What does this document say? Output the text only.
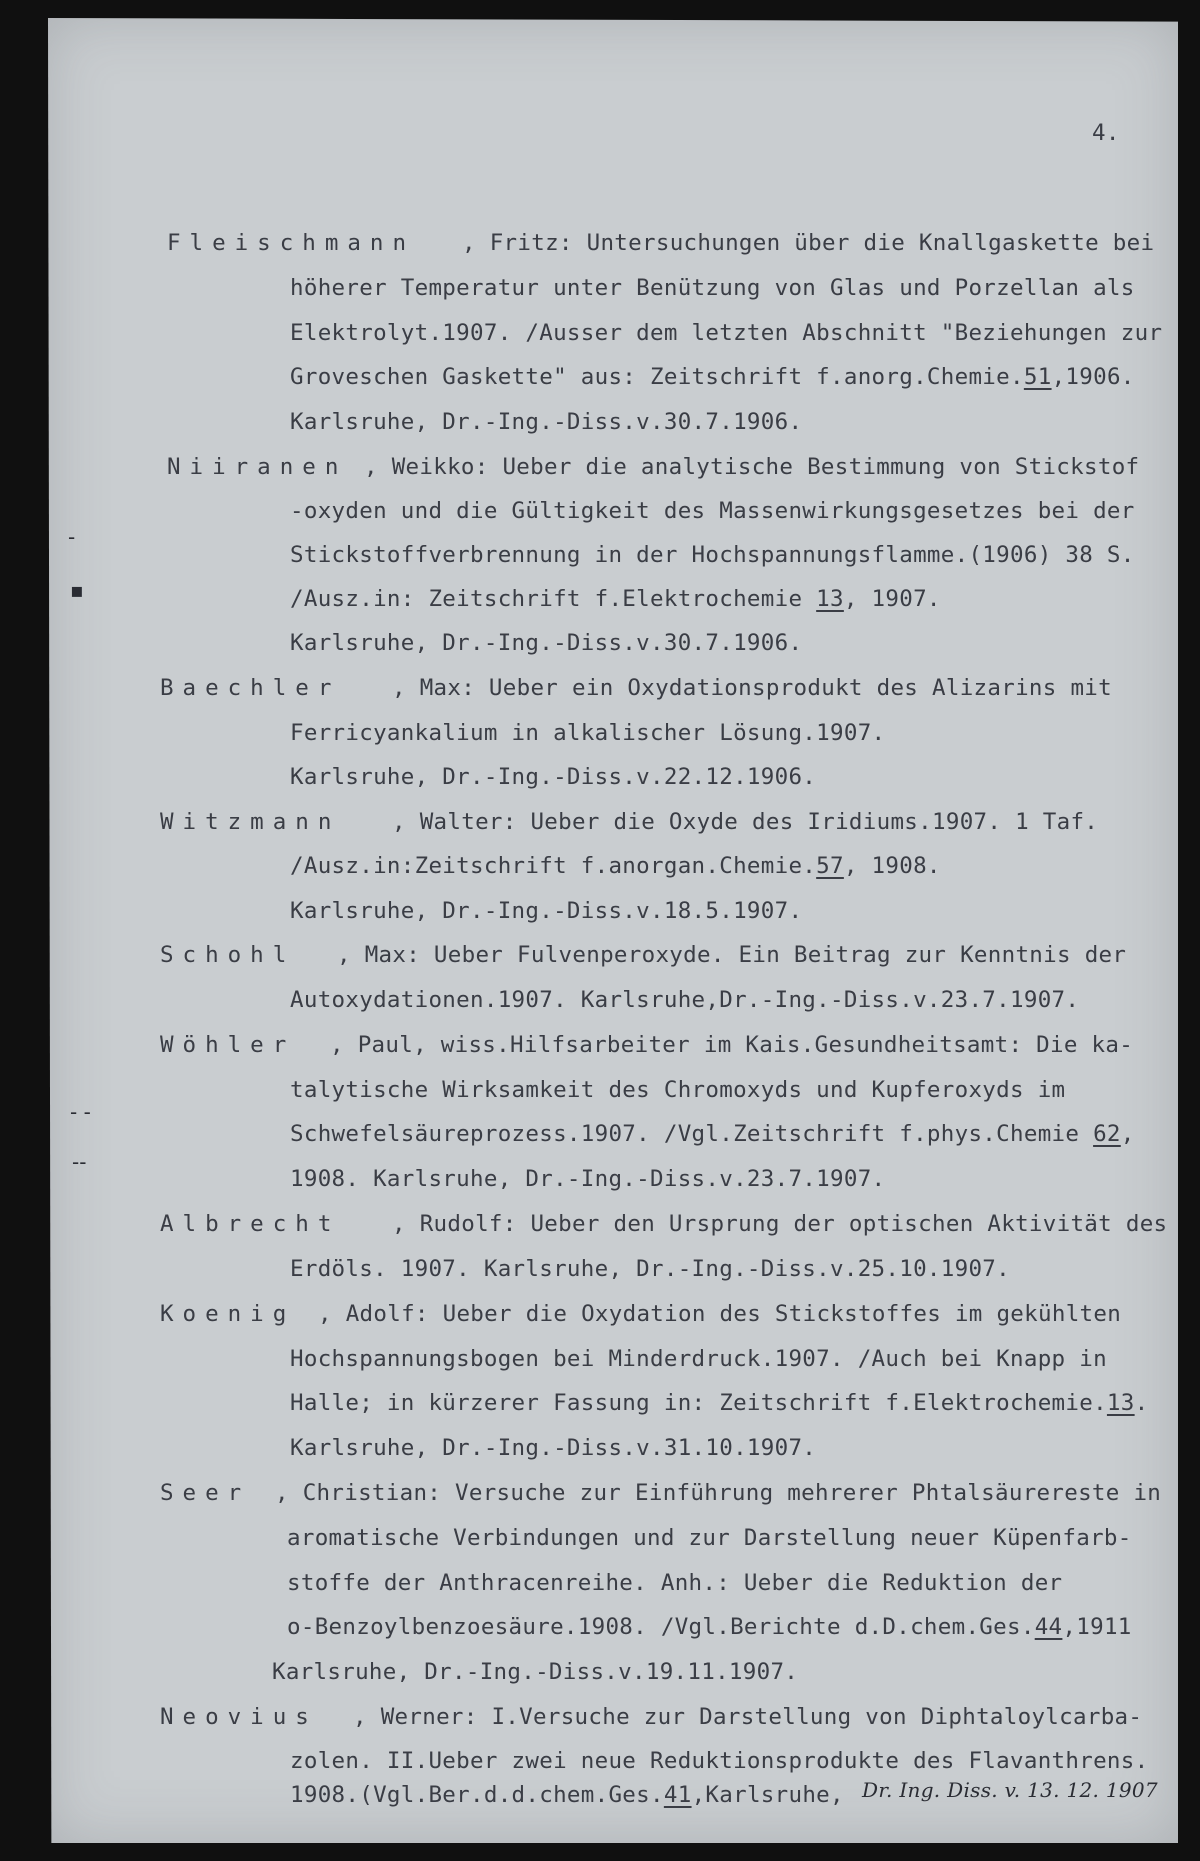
4.
Fleischmann , Fritz: Untersuchungen über die Knallgaskette bei
höherer Temperatur unter Benützung von Glas und Porzellan als
Elektrolyt.1907. /Ausser dem letzten Abschnitt "Beziehungen zur
Groveschen Gaskette" aus: Zeitschrift f.anorg.Chemie.51,1906.
Karlsruhe, Dr.-Ing.-Diss.v.30.7.1906.
Niiranen , Weikko: Ueber die analytische Bestimmung von Stickstof
-oxyden und die Gültigkeit des Massenwirkungsgesetzes bei der
Stickstoffverbrennung in der Hochspannungsflamme.(1906) 38 S.
/Ausz.in: Zeitschrift f.Elektrochemie 13, 1907.
Karlsruhe, Dr.-Ing.-Diss.v.30.7.1906.
Baechler , Max: Ueber ein Oxydationsprodukt des Alizarins mit
Ferricyankalium in alkalischer Lösung.1907.
Karlsruhe, Dr.-Ing.-Diss.v.22.12.1906.
Witzmann , Walter: Ueber die Oxyde des Iridiums.1907. 1 Taf.
/Ausz.in:Zeitschrift f.anorgan.Chemie.57, 1908.
Karlsruhe, Dr.-Ing.-Diss.v.18.5.1907.
Schohl , Max: Ueber Fulvenperoxyde. Ein Beitrag zur Kenntnis der
Autoxydationen.1907. Karlsruhe,Dr.-Ing.-Diss.v.23.7.1907.
Wöhler , Paul, wiss.Hilfsarbeiter im Kais.Gesundheitsamt: Die ka-
talytische Wirksamkeit des Chromoxyds und Kupferoxyds im
Schwefelsäureprozess.1907. /Vgl.Zeitschrift f.phys.Chemie 62,
1908. Karlsruhe, Dr.-Ing.-Diss.v.23.7.1907.
Albrecht , Rudolf: Ueber den Ursprung der optischen Aktivität des
Erdöls. 1907. Karlsruhe, Dr.-Ing.-Diss.v.25.10.1907.
Koenig , Adolf: Ueber die Oxydation des Stickstoffes im gekühlten
Hochspannungsbogen bei Minderdruck.1907. /Auch bei Knapp in
Halle; in kürzerer Fassung in: Zeitschrift f.Elektrochemie.13.
Karlsruhe, Dr.-Ing.-Diss.v.31.10.1907.
Seer , Christian: Versuche zur Einführung mehrerer Phtalsäurereste in
aromatische Verbindungen und zur Darstellung neuer Küpenfarb-
stoffe der Anthracenreihe. Anh.: Ueber die Reduktion der
o-Benzoylbenzoesäure.1908. /Vgl.Berichte d.D.chem.Ges.44,1911
Karlsruhe, Dr.-Ing.-Diss.v.19.11.1907.
Neovius , Werner: I.Versuche zur Darstellung von Diphtaloylcarba-
zolen. II.Ueber zwei neue Reduktionsprodukte des Flavanthrens.
1908.(Vgl.Ber.d.d.chem.Ges.41,Karlsruhe, Dr. Ing. Diss. v. 13. 12. 1907
‑
▪
- -
--
